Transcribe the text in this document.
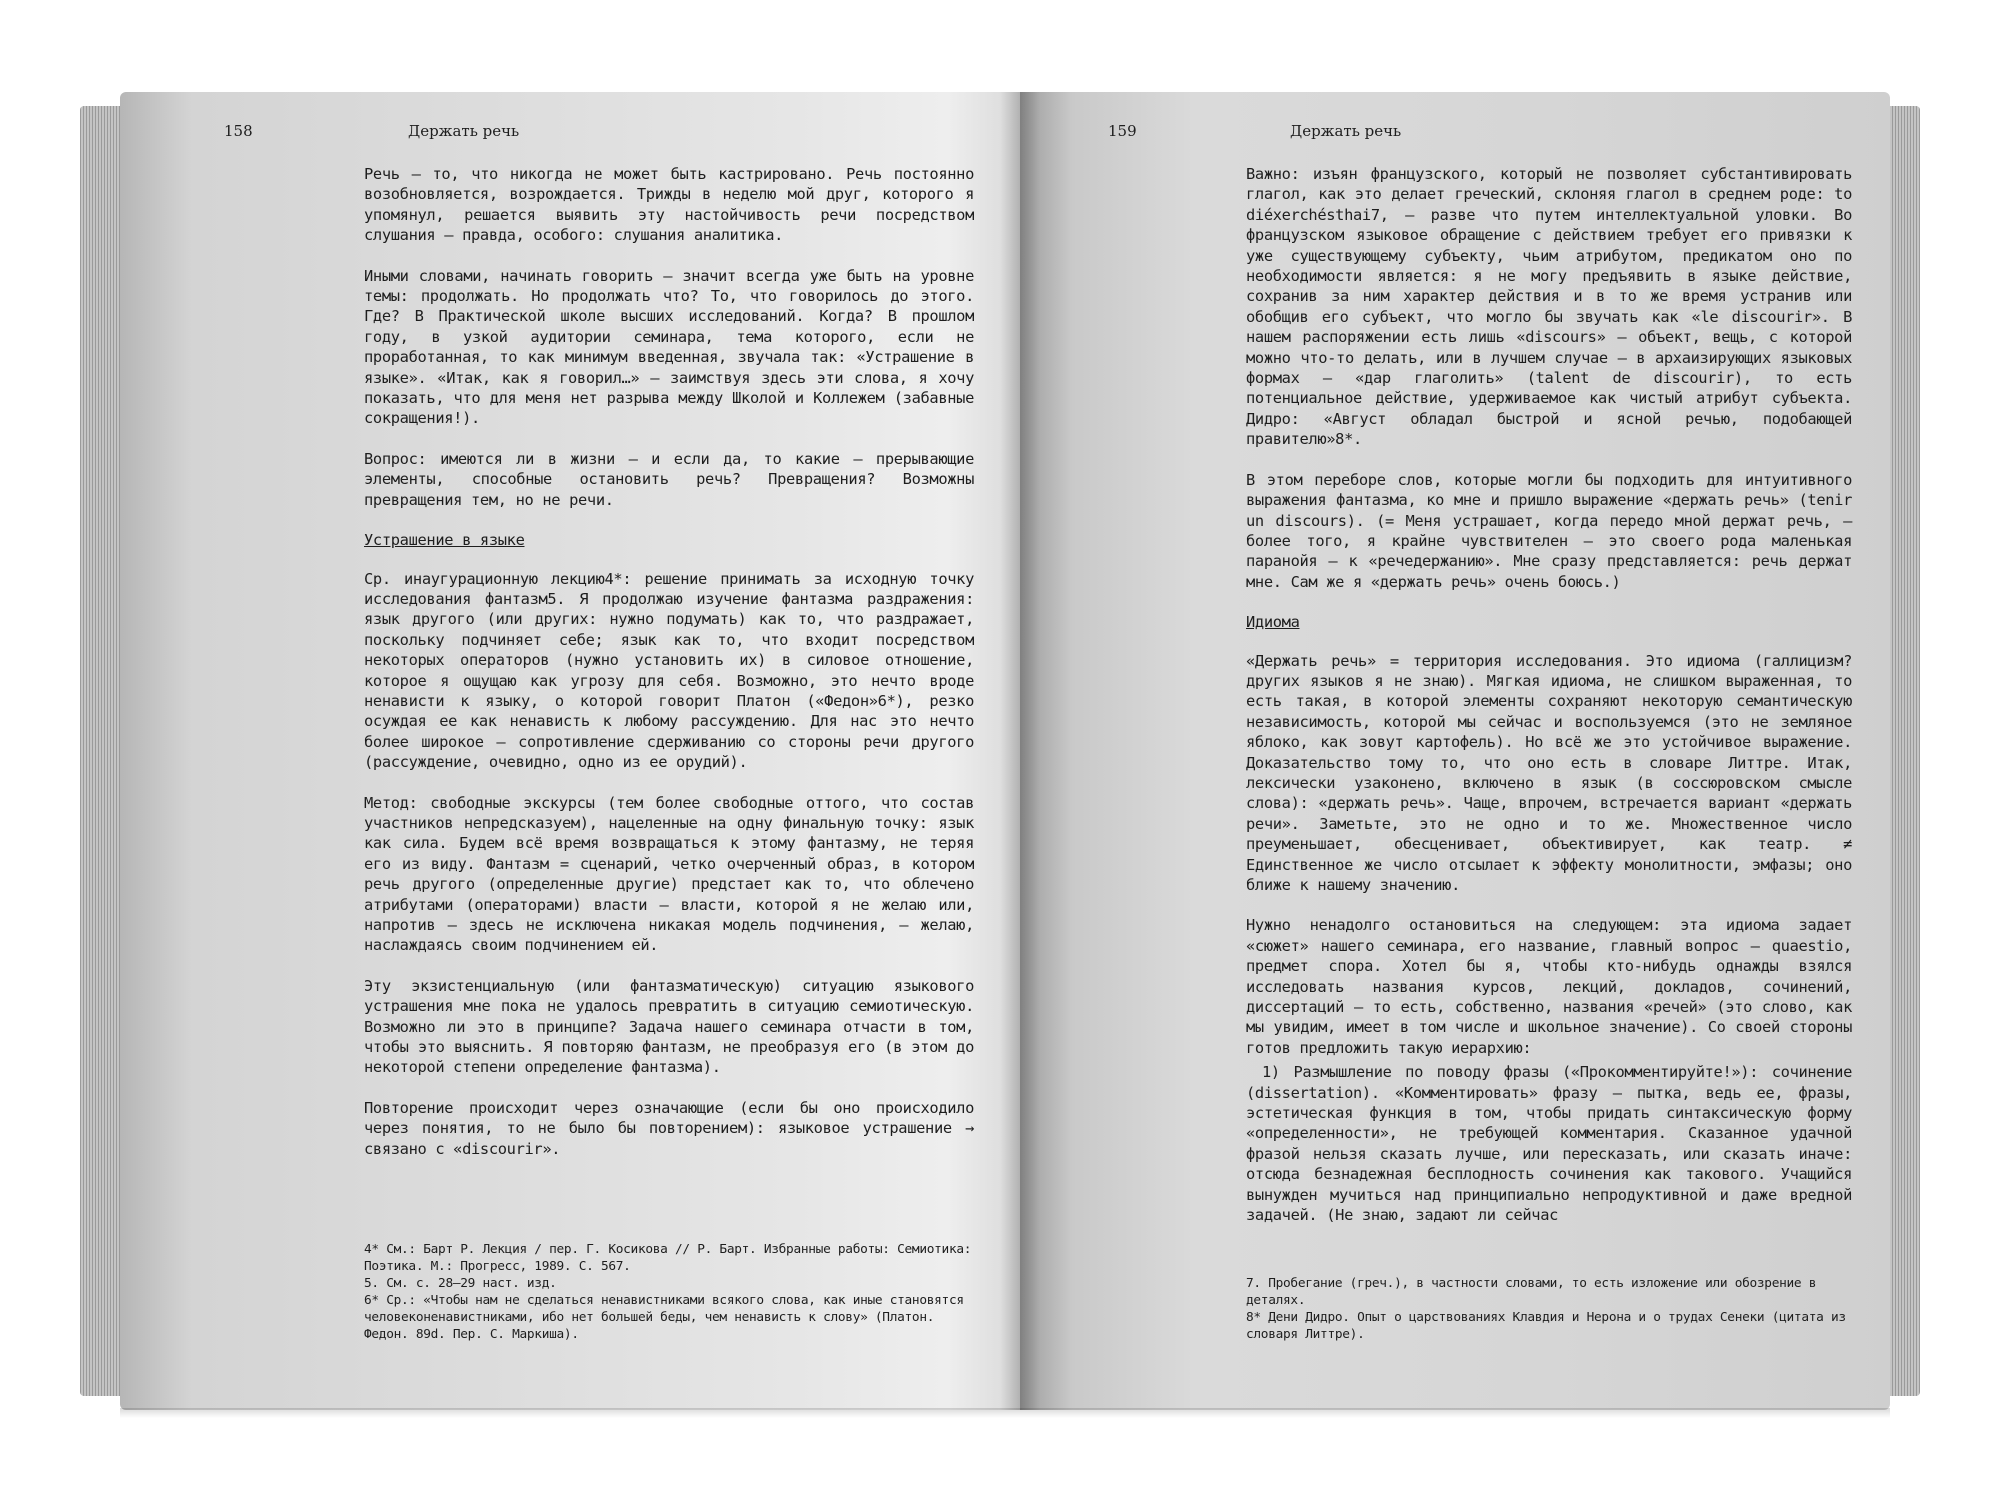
158	Держать речь

Речь – то, что никогда не может быть кастрировано. Речь постоянно возобновляется, возрождается. Трижды в неделю мой друг, которого я упомянул, решается выявить эту настойчивость речи посредством слушания – правда, особого: слушания аналитика.

Иными словами, начинать говорить – значит всегда уже быть на уровне темы: продолжать. Но продолжать что? То, что говорилось до этого. Где? В Практической школе высших исследований. Когда? В прошлом году, в узкой аудитории семинара, тема которого, если не проработанная, то как минимум введенная, звучала так: «Устрашение в языке». «Итак, как я говорил…» – заимствуя здесь эти слова, я хочу показать, что для меня нет разрыва между Школой и Коллежем (забавные сокращения!).

Вопрос: имеются ли в жизни – и если да, то какие – прерывающие элементы, способные остановить речь? Превращения? Возможны превращения тем, но не речи.

Устрашение в языке

Ср. инаугурационную лекцию4*: решение принимать за исходную точку исследования фантазм5. Я продолжаю изучение фантазма раздражения: язык другого (или других: нужно подумать) как то, что раздражает, поскольку подчиняет себе; язык как то, что входит посредством некоторых операторов (нужно установить их) в силовое отношение, которое я ощущаю как угрозу для себя. Возможно, это нечто вроде ненависти к языку, о которой говорит Платон («Федон»6*), резко осуждая ее как ненависть к любому рассуждению. Для нас это нечто более широкое – сопротивление сдерживанию со стороны речи другого (рассуждение, очевидно, одно из ее орудий).

Метод: свободные экскурсы (тем более свободные оттого, что состав участников непредсказуем), нацеленные на одну финальную точку: язык как сила. Будем всё время возвращаться к этому фантазму, не теряя его из виду. Фантазм = сценарий, четко очерченный образ, в котором речь другого (определенные другие) предстает как то, что облечено атрибутами (операторами) власти – власти, которой я не желаю или, напротив – здесь не исключена никакая модель подчинения, – желаю, наслаждаясь своим подчинением ей.

Эту экзистенциальную (или фантазматическую) ситуацию языкового устрашения мне пока не удалось превратить в ситуацию семиотическую. Возможно ли это в принципе? Задача нашего семинара отчасти в том, чтобы это выяснить. Я повторяю фантазм, не преобразуя его (в этом до некоторой степени определение фантазма).

Повторение происходит через означающие (если бы оно происходило через понятия, то не было бы повторением): языковое устрашение → связано с «discourir».

4* См.: Барт Р. Лекция / пер. Г. Косикова // Р. Барт. Избранные работы: Семиотика: Поэтика. М.: Прогресс, 1989. С. 567.
5. См. с. 28–29 наст. изд.
6* Ср.: «Чтобы нам не сделаться ненавистниками всякого слова, как иные становятся человеконенавистниками, ибо нет большей беды, чем ненависть к слову» (Платон. Федон. 89d. Пер. С. Маркиша).
159	Держать речь

Важно: изъян французского, который не позволяет субстантивировать глагол, как это делает греческий, склоняя глагол в среднем роде: to diéxerchésthai7, – разве что путем интеллектуальной уловки. Во французском языковое обращение с действием требует его привязки к уже существующему субъекту, чьим атрибутом, предикатом оно по необходимости является: я не могу предъявить в языке действие, сохранив за ним характер действия и в то же время устранив или обобщив его субъект, что могло бы звучать как «le discourir». В нашем распоряжении есть лишь «discours» – объект, вещь, с которой можно что-то делать, или в лучшем случае – в архаизирующих языковых формах – «дар глаголить» (talent de discourir), то есть потенциальное действие, удерживаемое как чистый атрибут субъекта. Дидро: «Август обладал быстрой и ясной речью, подобающей правителю»8*.

В этом переборе слов, которые могли бы подходить для интуитивного выражения фантазма, ко мне и пришло выражение «держать речь» (tenir un discours). (= Меня устрашает, когда передо мной держат речь, – более того, я крайне чувствителен – это своего рода маленькая паранойя – к «речедержанию». Мне сразу представляется: речь держат мне. Сам же я «держать речь» очень боюсь.)

Идиома

«Держать речь» = территория исследования. Это идиома (галлицизм? других языков я не знаю). Мягкая идиома, не слишком выраженная, то есть такая, в которой элементы сохраняют некоторую семантическую независимость, которой мы сейчас и воспользуемся (это не земляное яблоко, как зовут картофель). Но всё же это устойчивое выражение. Доказательство тому то, что оно есть в словаре Литтре. Итак, лексически узаконено, включено в язык (в соссюровском смысле слова): «держать речь». Чаще, впрочем, встречается вариант «держать речи». Заметьте, это не одно и то же. Множественное число преуменьшает, обесценивает, объективирует, как театр. ≠ Единственное же число отсылает к эффекту монолитности, эмфазы; оно ближе к нашему значению.

Нужно ненадолго остановиться на следующем: эта идиома задает «сюжет» нашего семинара, его название, главный вопрос – quaestio, предмет спора. Хотел бы я, чтобы кто-нибудь однажды взялся исследовать названия курсов, лекций, докладов, сочинений, диссертаций – то есть, собственно, названия «речей» (это слово, как мы увидим, имеет в том числе и школьное значение). Со своей стороны готов предложить такую иерархию:

1) Размышление по поводу фразы («Прокомментируйте!»): сочинение (dissertation). «Комментировать» фразу – пытка, ведь ее, фразы, эстетическая функция в том, чтобы придать синтаксическую форму «определенности», не требующей комментария. Сказанное удачной фразой нельзя сказать лучше, или пересказать, или сказать иначе: отсюда безнадежная бесплодность сочинения как такового. Учащийся вынужден мучиться над принципиально непродуктивной и даже вредной задачей. (Не знаю, задают ли сейчас

7. Пробегание (греч.), в частности словами, то есть изложение или обозрение в деталях.
8* Дени Дидро. Опыт о царствованиях Клавдия и Нерона и о трудах Сенеки (цитата из словаря Литтре).
